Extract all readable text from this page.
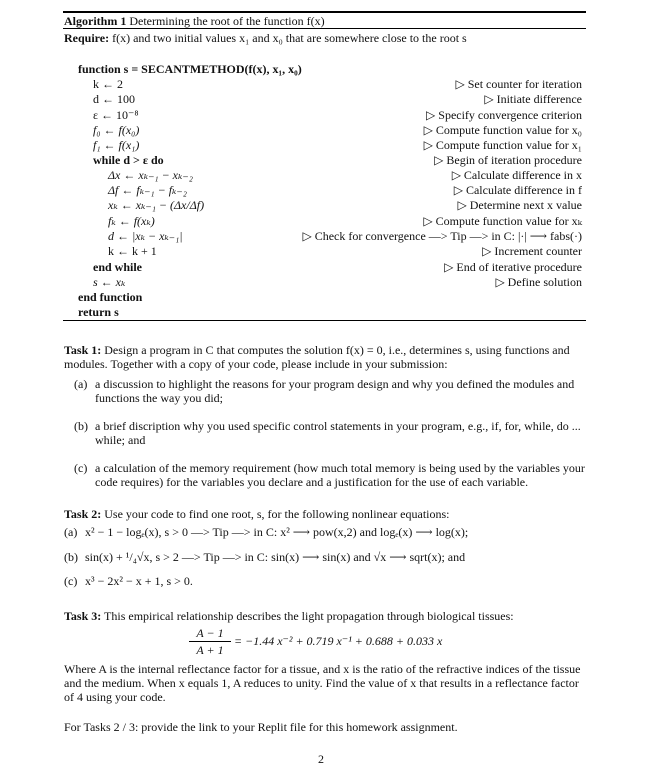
Algorithm 1 Determining the root of the function f(x)
Require: f(x) and two initial values x₁ and x₀ that are somewhere close to the root s
function s = SECANTMETHOD(f(x), x₁, x₀)
k ← 2	▷ Set counter for iteration
d ← 100	▷ Initiate difference
ε ← 10⁻⁸	▷ Specify convergence criterion
f₀ ← f(x₀)	▷ Compute function value for x₀
f₁ ← f(x₁)	▷ Compute function value for x₁
while d > ε do	▷ Begin of iteration procedure
Δx ← xₖ₋₁ − xₖ₋₂	▷ Calculate difference in x
Δf ← fₖ₋₁ − fₖ₋₂	▷ Calculate difference in f
xₖ ← xₖ₋₁ − (Δx/Δf)	▷ Determine next x value
fₖ ← f(xₖ)	▷ Compute function value for xₖ
d ← |xₖ − xₖ₋₁|	▷ Check for convergence —> Tip —> in C: |·| ⟶ fabs(·)
k ← k + 1	▷ Increment counter
end while	▷ End of iterative procedure
s ← xₖ	▷ Define solution
end function
return s
Task 1: Design a program in C that computes the solution f(x) = 0, i.e., determines s, using functions and modules. Together with a copy of your code, please include in your submission:
(a) a discussion to highlight the reasons for your program design and why you defined the modules and functions the way you did;
(b) a brief discription why you used specific control statements in your program, e.g., if, for, while, do ... while; and
(c) a calculation of the memory requirement (how much total memory is being used by the variables your code requires) for the variables you declare and a justification for the use of each variable.
Task 2: Use your code to find one root, s, for the following nonlinear equations:
(a) x² − 1 − logₑ(x), s > 0 —> Tip —> in C: x² ⟶ pow(x,2) and logₑ(x) ⟶ log(x);
(b) sin(x) + ¹/₄√x, s > 2 —> Tip —> in C: sin(x) ⟶ sin(x) and √x ⟶ sqrt(x); and
(c) x³ − 2x² − x + 1, s > 0.
Task 3: This empirical relationship describes the light propagation through biological tissues:
A − 1
A + 1
= −1.44 x⁻² + 0.719 x⁻¹ + 0.688 + 0.033 x
Where A is the internal reflectance factor for a tissue, and x is the ratio of the refractive indices of the tissue and the medium. When x equals 1, A reduces to unity. Find the value of x that results in a reflectance factor of 4 using your code.
For Tasks 2 / 3: provide the link to your Replit file for this homework assignment.
2
